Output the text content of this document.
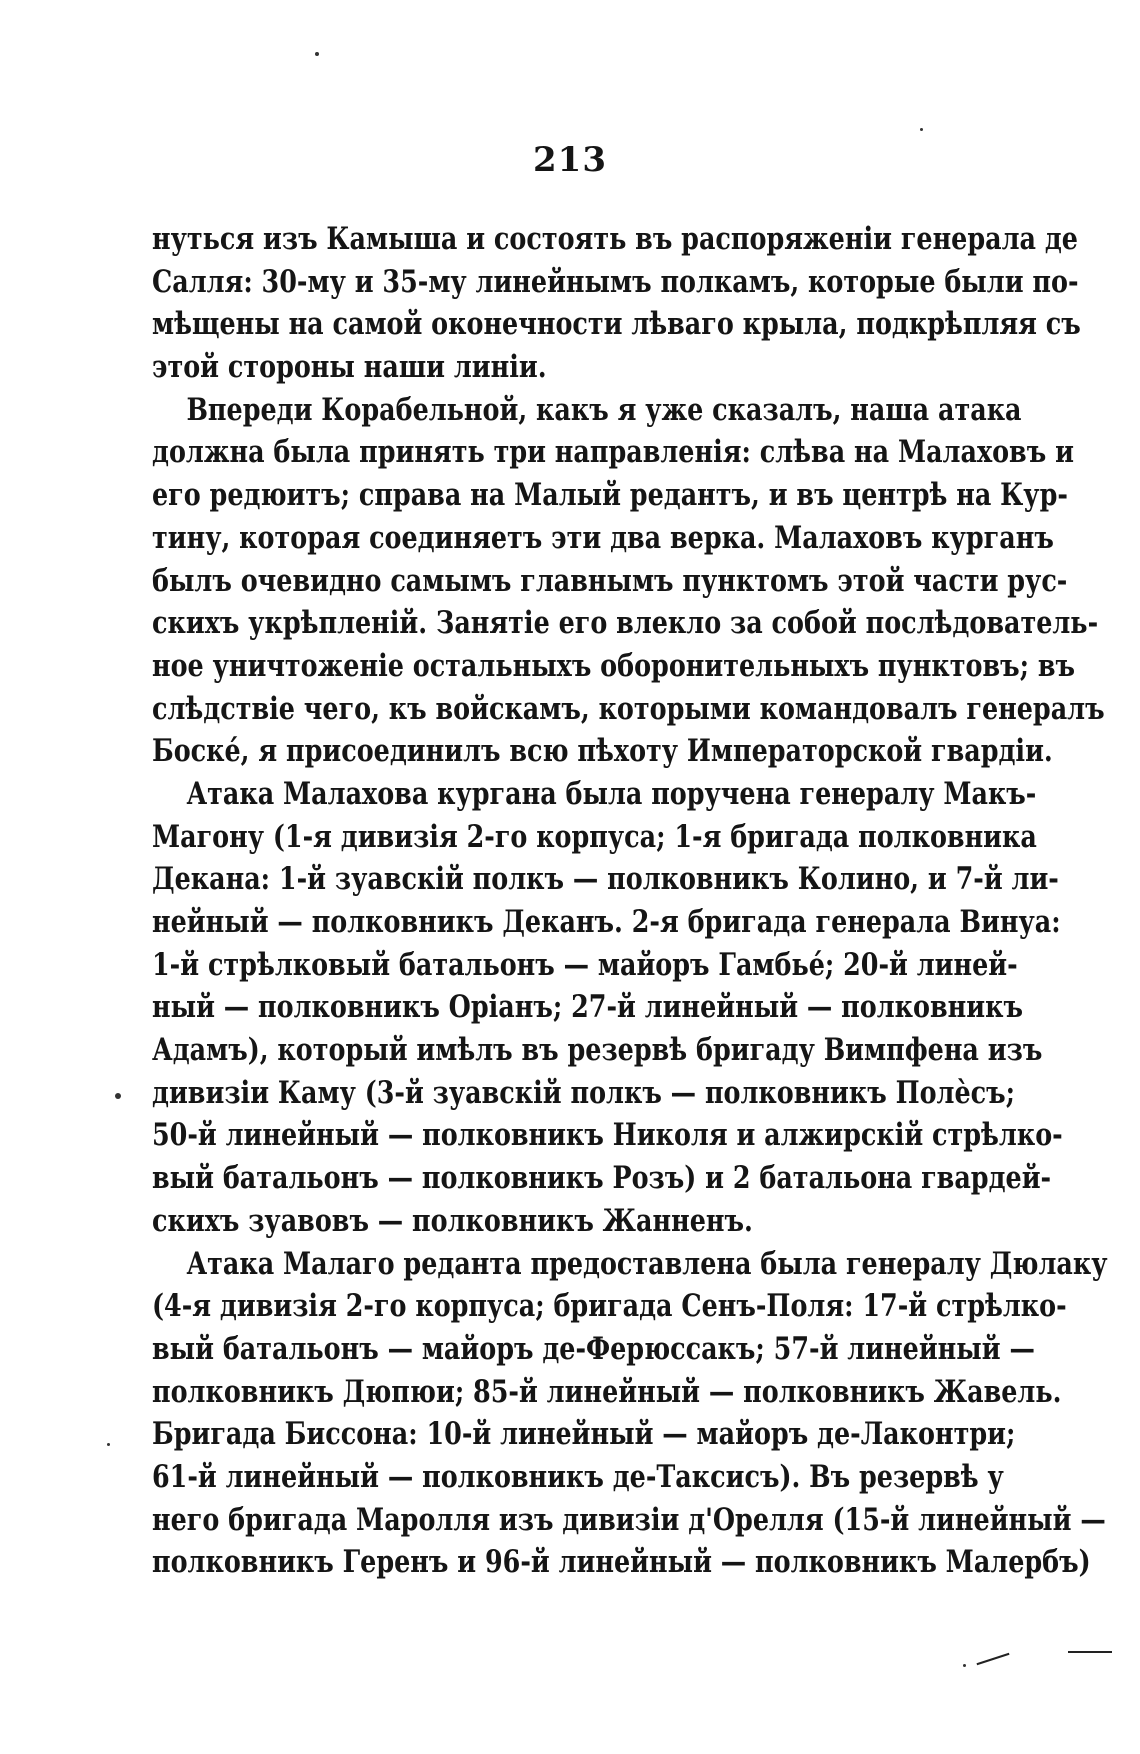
213
нуться изъ Камыша и состоять въ распоряженіи генерала де
Салля: 30-му и 35-му линейнымъ полкамъ, которые были по-
мѣщены на самой оконечности лѣваго крыла, подкрѣпляя съ
этой стороны наши линіи.
Впереди Корабельной, какъ я уже сказалъ, наша атака
должна была принять три направленія: слѣва на Малаховъ и
его редюитъ; справа на Малый редантъ, и въ центрѣ на Кур-
тину, которая соединяетъ эти два верка. Малаховъ курганъ
былъ очевидно самымъ главнымъ пунктомъ этой части рус-
скихъ укрѣпленій. Занятіе его влекло за собой послѣдователь-
ное уничтоженіе остальныхъ оборонительныхъ пунктовъ; въ
слѣдствіе чего, къ войскамъ, которыми командовалъ генералъ
Боске́, я присоединилъ всю пѣхоту Императорской гвардіи.
Атака Малахова кургана была поручена генералу Макъ-
Магону (1-я дивизія 2-го корпуса; 1-я бригада полковника
Декана: 1-й зуавскій полкъ — полковникъ Колино, и 7-й ли-
нейный — полковникъ Деканъ. 2-я бригада генерала Винуа:
1-й стрѣлковый батальонъ — майоръ Гамбье́; 20-й линей-
ный — полковникъ Оріанъ; 27-й линейный — полковникъ
Адамъ), который имѣлъ въ резервѣ бригаду Вимпфена изъ
дивизіи Каму (3-й зуавскій полкъ — полковникъ Полѐсъ;
50-й линейный — полковникъ Николя и алжирскій стрѣлко-
вый батальонъ — полковникъ Розъ) и 2 батальона гвардей-
скихъ зуавовъ — полковникъ Жанненъ.
Атака Малаго реданта предоставлена была генералу Дюлаку
(4-я дивизія 2-го корпуса; бригада Сенъ-Поля: 17-й стрѣлко-
вый батальонъ — майоръ де-Ферюссакъ; 57-й линейный —
полковникъ Дюпюи; 85-й линейный — полковникъ Жавель.
Бригада Биссона: 10-й линейный — майоръ де-Лаконтри;
61-й линейный — полковникъ де-Таксисъ). Въ резервѣ у
него бригада Маролля изъ дивизіи д'Орелля (15-й линейный —
полковникъ Геренъ и 96-й линейный — полковникъ Малербъ)
